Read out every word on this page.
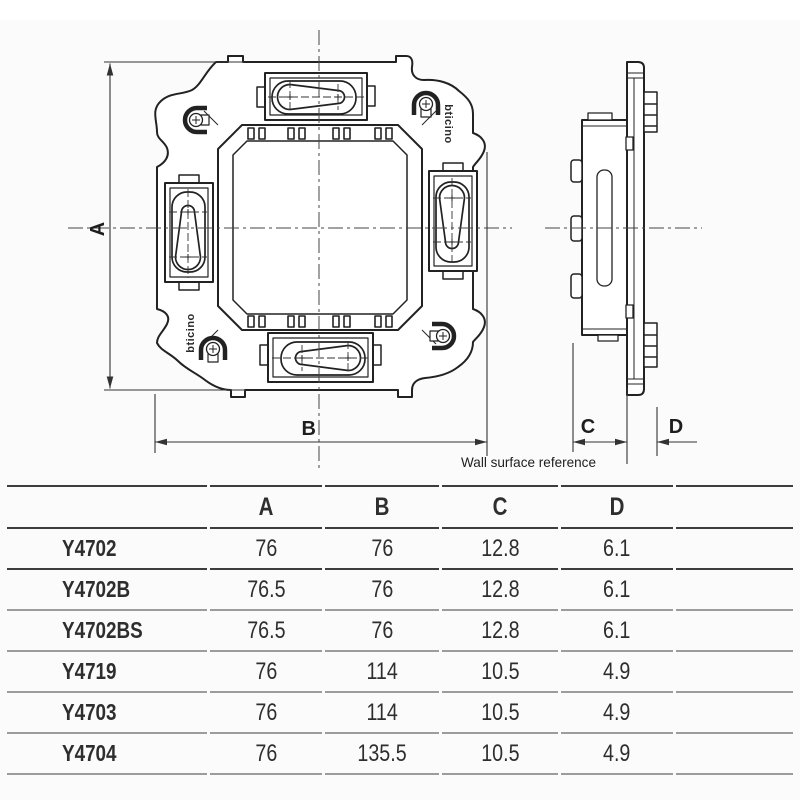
bticino
bticino
A
B	C	D
Wall surface reference
	A	B	C	D	
Y4702	76	76	12.8	6.1	
Y4702B	76.5	76	12.8	6.1	
Y4702BS	76.5	76	12.8	6.1	
Y4719	76	114	10.5	4.9	
Y4703	76	114	10.5	4.9	
Y4704	76	135.5	10.5	4.9	
